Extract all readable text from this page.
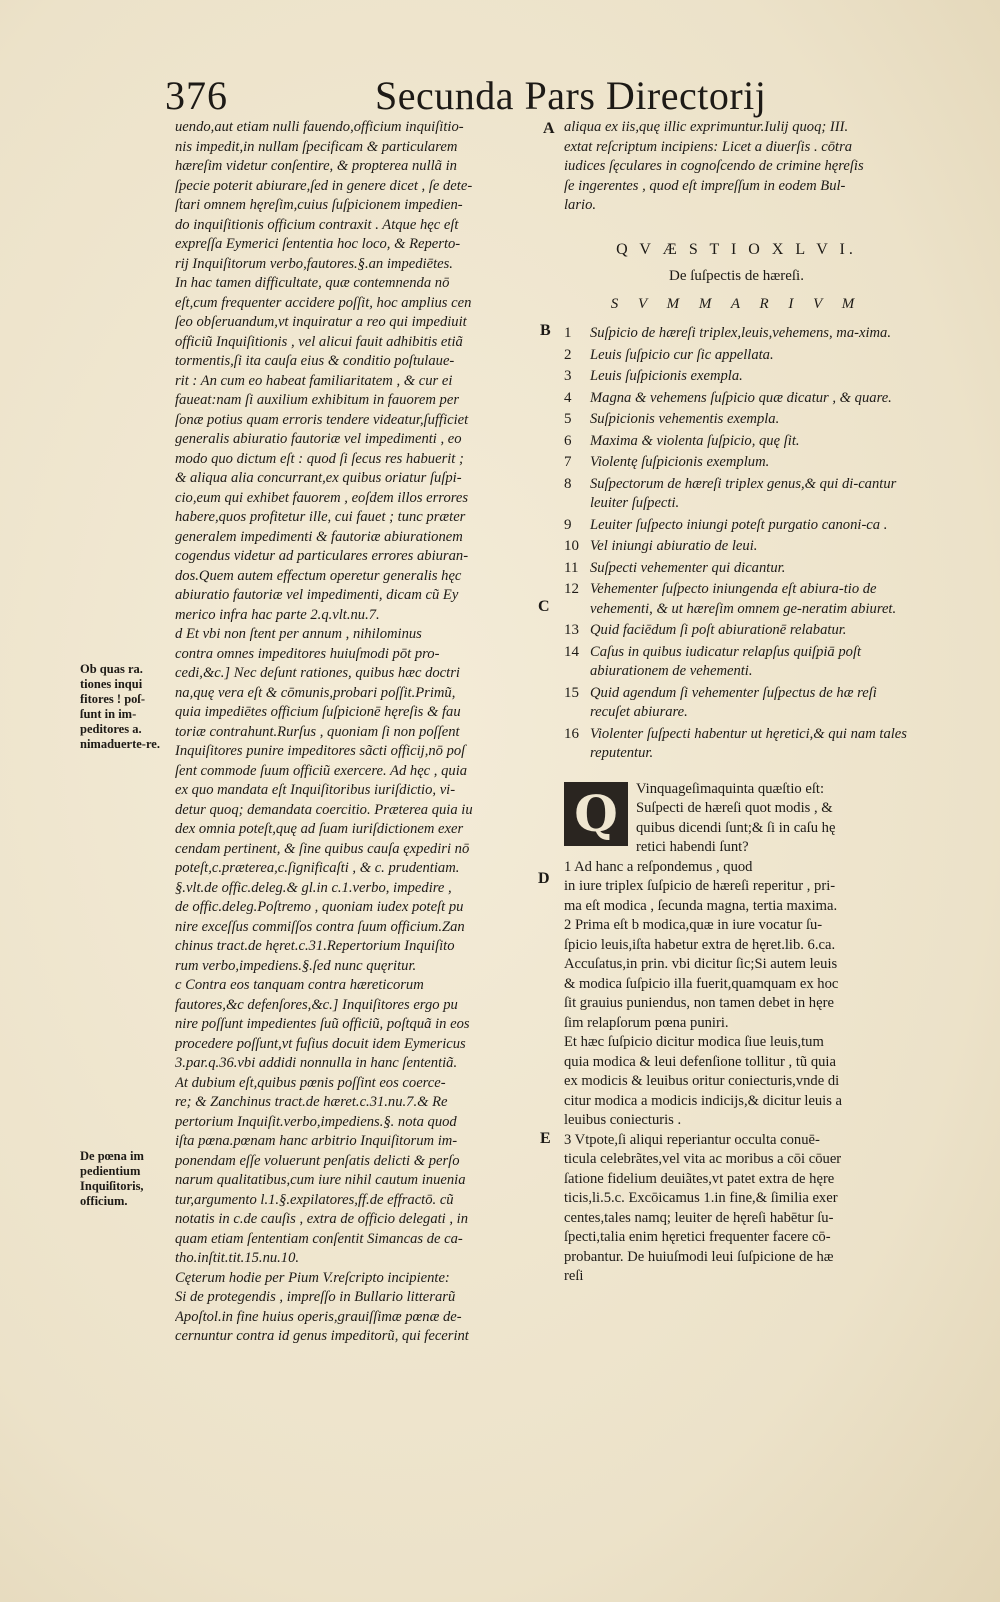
376	Secunda Pars Directorij
Ob quas ra. tiones inqui fitores ! poſ-ſunt in im-peditores a. nimaduerte-re.
De pœna im pedientium Inquiſitoris, officium.
A
B
C
D
E
uendo,aut etiam nulli fauendo,officium inquiſitio-
nis impedit,in nullam ſpecificam & particularem
hæreſim videtur conſentire, & propterea nullã in
ſpecie poterit abiurare,ſed in genere dicet , ſe dete-
ſtari omnem hęreſim,cuius ſuſpicionem impedien-
do inquiſitionis officium contraxit . Atque hęc eſt
expreſſa Eymerici ſententia hoc loco, & Reperto-
rij Inquiſitorum verbo,fautores.§.an impediētes.
In hac tamen difficultate, quæ contemnenda nō
eſt,cum frequenter accidere poſſit, hoc amplius cen
ſeo obſeruandum,vt inquiratur a reo qui impediuit
officiũ Inquiſitionis , vel alicui fauit adhibitis etiã
tormentis,ſi ita cauſa eius & conditio poſtulaue-
rit : An cum eo habeat familiaritatem , & cur ei
faueat:nam ſi auxilium exhibitum in fauorem per
ſonæ potius quam erroris tendere videatur,ſufficiet
generalis abiuratio fautoriæ vel impedimenti , eo
modo quo dictum eſt : quod ſi ſecus res habuerit ;
& aliqua alia concurrant,ex quibus oriatur ſuſpi-
cio,eum qui exhibet fauorem , eoſdem illos errores
habere,quos profitetur ille, cui fauet ; tunc præter
generalem impedimenti & fautoriæ abiurationem
cogendus videtur ad particulares errores abiuran-
dos.Quem autem effectum operetur generalis hęc
abiuratio fautoriæ vel impedimenti, dicam cũ Ey
merico infra hac parte 2.q.vlt.nu.7.
d Et vbi non ſtent per annum , nihilominus
contra omnes impeditores huiuſmodi pōt pro-
cedi,&c.] Nec deſunt rationes, quibus hæc doctri
na,quę vera eſt & cōmunis,probari poſſit.Primũ,
quia impediētes officium ſuſpicionē hęreſis & fau
toriæ contrahunt.Rurſus , quoniam ſi non poſſent
Inquiſitores punire impeditores sãcti officij,nō poſ
ſent commode ſuum officiũ exercere. Ad hęc , quia
ex quo mandata eſt Inquiſitoribus iuriſdictio, vi-
detur quoq; demandata coercitio. Prӕterea quia iu
dex omnia poteſt,quę ad ſuam iuriſdictionem exer
cendam pertinent, & ſine quibus cauſa ęxpediri nō
poteſt,c.prӕterea,c.ſignificaſti , & c. prudentiam.
§.vlt.de offic.deleg.& gl.in c.1.verbo, impedire ,
de offic.deleg.Poſtremo , quoniam iudex poteſt pu
nire exceſſus commiſſos contra ſuum officium.Zan
chinus tract.de hęret.c.31.Repertorium Inquiſito
rum verbo,impediens.§.ſed nunc quęritur.
c Contra eos tanquam contra hæreticorum
fautores,&c defenſores,&c.] Inquiſitores ergo pu
nire poſſunt impedientes ſuũ officiũ, poſtquã in eos
procedere poſſunt,vt fuſius docuit idem Eymericus
3.par.q.36.vbi addidi nonnulla in hanc ſententiã.
At dubium eſt,quibus pœnis poſſint eos coerce-
re; & Zanchinus tract.de hæret.c.31.nu.7.& Re
pertorium Inquiſit.verbo,impediens.§. nota quod
iſta pœna.pœnam hanc arbitrio Inquiſitorum im-
ponendam eſſe voluerunt penſatis delicti & perſo
narum qualitatibus,cum iure nihil cautum inuenia
tur,argumento l.1.§.expilatores,ff.de effractō. cũ
notatis in c.de cauſis , extra de officio delegati , in
quam etiam ſententiam conſentit Simancas de ca-
tho.inſtit.tit.15.nu.10.
Cęterum hodie per Pium V.reſcripto incipiente:
Si de protegendis , impreſſo in Bullario litterarũ
Apoſtol.in fine huius operis,grauiſſimæ pœnæ de-
cernuntur contra id genus impeditorũ, qui fecerint
aliqua ex iis,quę illic exprimuntur.Iulij quoq; III.
extat reſcriptum incipiens: Licet a diuerſis . cōtra
iudices ſęculares in cognoſcendo de crimine hęreſis
ſe ingerentes , quod eſt impreſſum in eodem Bul-
lario.
Q V Æ S T I O X L V I.
De ſuſpectis de hæreſi.
S V M M A R I V M
1 Suſpicio de hæreſi triplex,leuis,vehemens, ma-xima.
2 Leuis ſuſpicio cur ſic appellata.
3 Leuis ſuſpicionis exempla.
4 Magna & vehemens ſuſpicio quæ dicatur , & quare.
5 Suſpicionis vehementis exempla.
6 Maxima & violenta ſuſpicio, quę ſit.
7 Violentę ſuſpicionis exemplum.
8 Suſpectorum de hæreſi triplex genus,& qui di-cantur leuiter ſuſpecti.
9 Leuiter ſuſpecto iniungi poteſt purgatio canoni-ca .
10 Vel iniungi abiuratio de leui.
11 Suſpecti vehementer qui dicantur.
12 Vehementer ſuſpecto iniungenda eſt abiura-tio de vehementi, & ut hæreſim omnem ge-neratim abiuret.
13 Quid faciēdum ſi poſt abiurationē relabatur.
14 Caſus in quibus iudicatur relapſus quiſpiā poſt abiurationem de vehementi.
15 Quid agendum ſi vehementer ſuſpectus de hæ reſi recuſet abiurare.
16 Violenter ſuſpecti habentur ut hęretici,& qui nam tales reputentur.
Q	Vinquageſimaquinta quæſtio eſt:
Suſpecti de hæreſi quot modis , &
quibus dicendi ſunt;& ſi in caſu hę
retici habendi ſunt?
1 Ad hanc a reſpondemus , quod
in iure triplex ſuſpicio de hæreſi reperitur , pri-
ma eſt modica , ſecunda magna, tertia maxima.
2 Prima eſt b modica,quæ in iure vocatur ſu-
ſpicio leuis,iſta habetur extra de hęret.lib. 6.ca.
Accuſatus,in prin. vbi dicitur ſic;Si autem leuis
& modica ſuſpicio illa fuerit,quamquam ex hoc
ſit grauius puniendus, non tamen debet in hęre
ſim relapſorum pœna puniri.
Et hæc ſuſpicio dicitur modica ſiue leuis,tum
quia modica & leui defenſione tollitur , tũ quia
ex modicis & leuibus oritur coniecturis,vnde di
citur modica a modicis indicijs,& dicitur leuis a
leuibus coniecturis .
3 Vtpote,ſi aliqui reperiantur occulta conuē-
ticula celebrãtes,vel vita ac moribus a cōi cōuer
ſatione fidelium deuiãtes,vt patet extra de hęre
ticis,li.5.c. Excōicamus 1.in fine,& ſimilia exer
centes,tales namq; leuiter de hęreſi habētur ſu-
ſpecti,talia enim hęretici frequenter facere cō-
probantur. De huiuſmodi leui ſuſpicione de hæ
reſi
